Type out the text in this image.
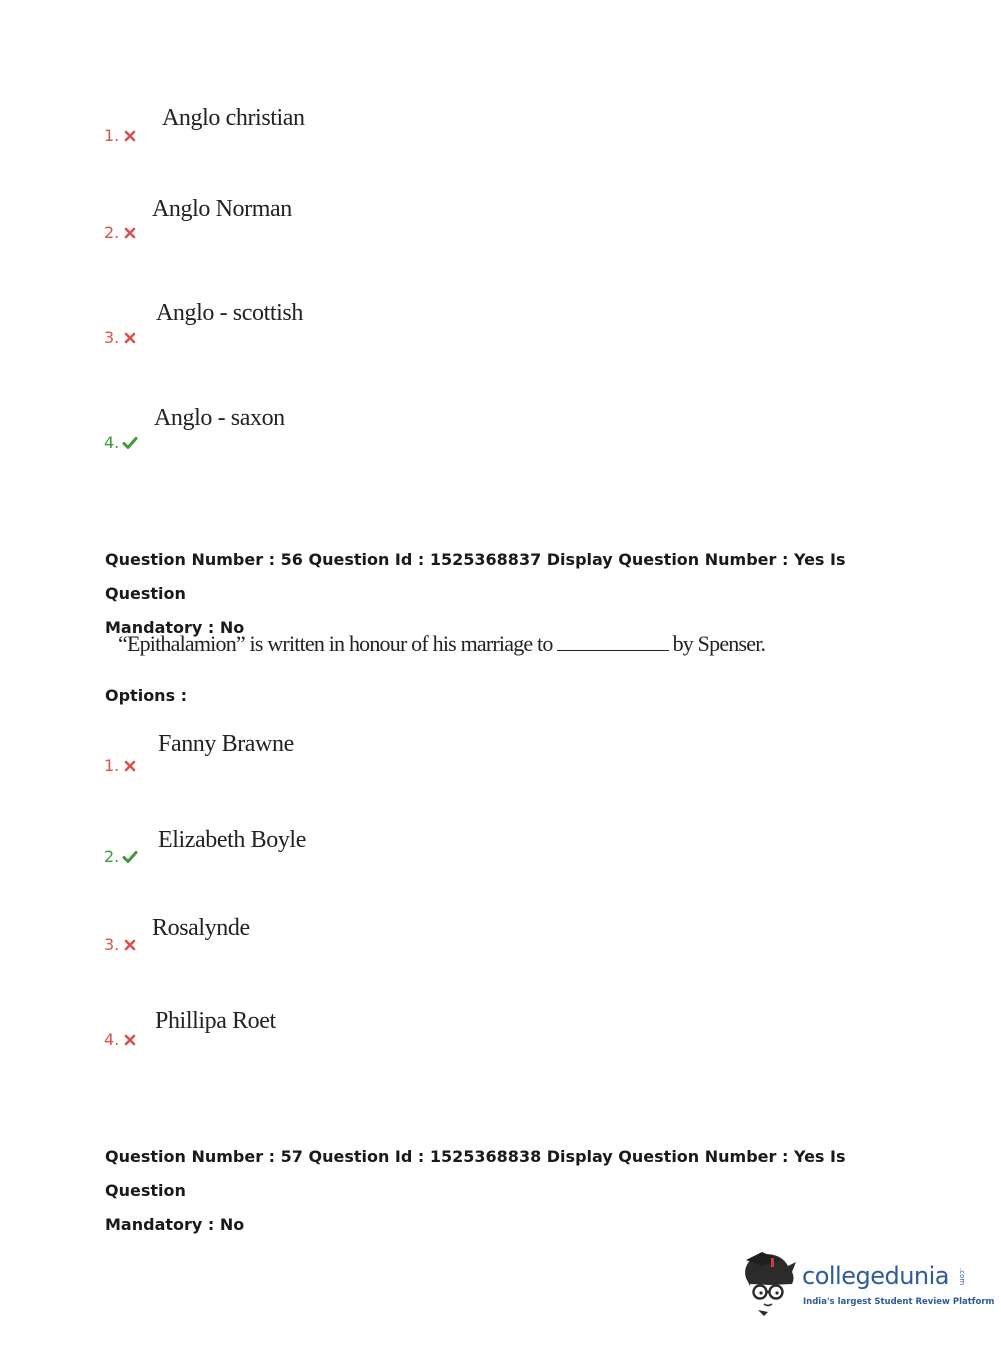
Anglo christian
1.
Anglo Norman
2.
Anglo - scottish
3.
Anglo - saxon
4.
Question Number : 56 Question Id : 1525368837 Display Question Number : Yes Is Question
Mandatory : No
“Epithalamion” is written in honour of his marriage to	by Spenser.
Options :
Fanny Brawne
1.
Elizabeth Boyle
2.
Rosalynde
3.
Phillipa Roet
4.
Question Number : 57 Question Id : 1525368838 Display Question Number : Yes Is Question
Mandatory : No
collegedunia .com
India's largest Student Review Platform
